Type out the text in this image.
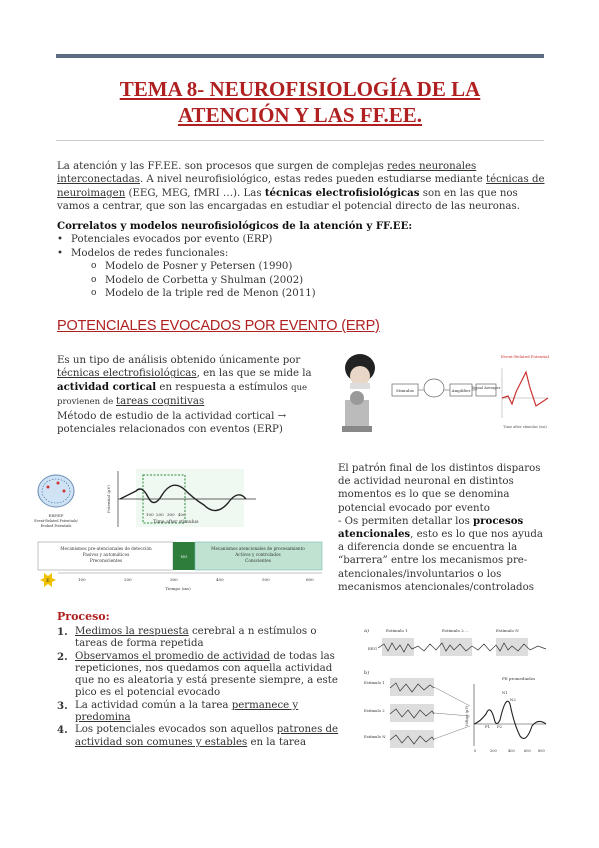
TEMA 8- NEUROFISIOLOGÍA DE LA
ATENCIÓN Y LAS FF.EE.
La atención y las FF.EE. son procesos que surgen de complejas redes neuronales interconectadas. A nivel neurofisiológico, estas redes pueden estudiarse mediante técnicas de neuroimagen (EEG, MEG, fMRI …). Las técnicas electrofisiológicas son en las que nos vamos a centrar, que son las encargadas en estudiar el potencial directo de las neuronas.
Correlatos y modelos neurofisiológicos de la atención y FF.EE:
• Potenciales evocados por evento (ERP)
• Modelos de redes funcionales:
o Modelo de Posner y Petersen (1990)
o Modelo de Corbetta y Shulman (2002)
o Modelo de la triple red de Menon (2011)
POTENCIALES EVOCADOS POR EVENTO (ERP)
Es un tipo de análisis obtenido únicamente por técnicas electrofisiológicas, en las que se mide la actividad cortical en respuesta a estímulos que provienen de tareas cognitivas
Método de estudio de la actividad cortical → potenciales relacionados con eventos (ERP)
Stimulus	Amplifier Signal Averager
Event-Related Potential
Time after stimulus (ms)
ERP/EP
Event-Related Potentials/
Evoked Potentials
Potential (μV)
100 200 300 400
Time after stimulus
Mecanismos pre-atencionales de detección
Pasivos y automáticos
Preconscientes
NO
Mecanismos atencionales de procesamiento
Activos y controlados
Conscientes
100	200	300	400	500	600
Tiempo (ms)
E
El patrón final de los distintos disparos de actividad neuronal en distintos momentos es lo que se denomina potencial evocado por evento
- Os permiten detallar los procesos atencionales, esto es lo que nos ayuda a diferencia donde se encuentra la “barrera” entre los mecanismos pre-atencionales/involuntarios o los mecanismos atencionales/controlados
Proceso:
1. Medimos la respuesta cerebral a n estímulos o tareas de forma repetida
2. Observamos el promedio de actividad de todas las repeticiones, nos quedamos con aquella actividad que no es aleatoria y está presente siempre, a este pico es el potencial evocado
3. La actividad común a la tarea permanece y predomina
4. Los potenciales evocados son aquellos patrones de actividad son comunes y estables en la tarea
a)	Estímulo 1	Estímulo 2 ...	Estímulo N
EEG
b)
Estímulo 1
Estímulo 2
Estímulo N
PE promediados
Voltaje (μV)
N1
N2
P1 P2
0	200	400	600 800
